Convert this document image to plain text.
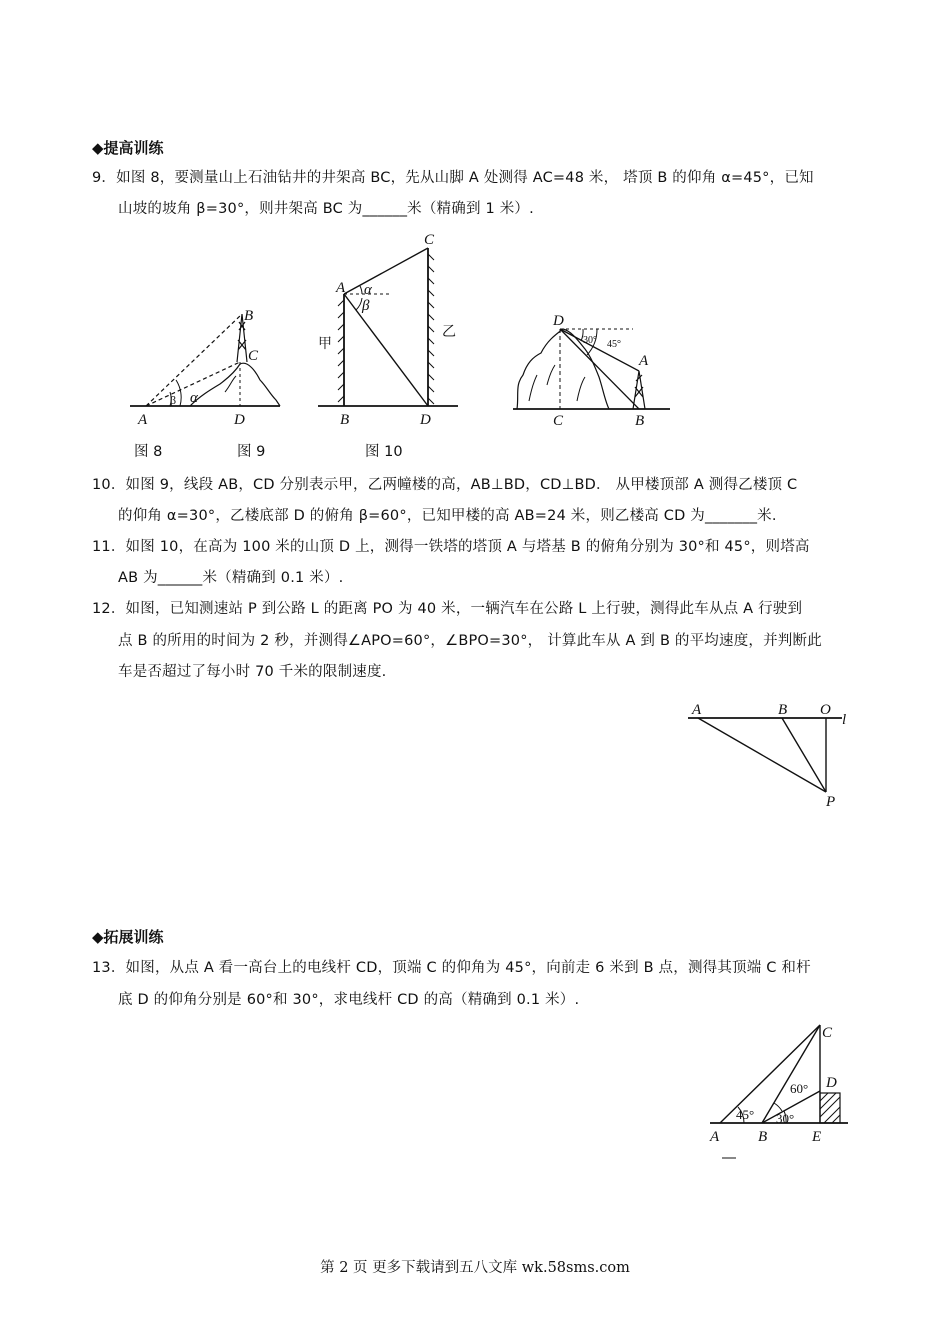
◆提高训练
9．如图 8，要测量山上石油钻井的井架高 BC，先从山脚 A 处测得 AC=48 米， 塔顶 B 的仰角 α=45°，已知
山坡的坡角 β=30°，则井架高 BC 为______米（精确到 1 米）.
B
C
A	D
α
β
C
A α
β
甲
乙
B	D
D
A
C	B
30° 45°
图 8	图 9	图 10
10．如图 9，线段 AB，CD 分别表示甲，乙两幢楼的高，AB⊥BD，CD⊥BD． 从甲楼顶部 A 测得乙楼顶 C
的仰角 α=30°，乙楼底部 D 的俯角 β=60°，已知甲楼的高 AB=24 米，则乙楼高 CD 为_______米.
11．如图 10，在高为 100 米的山顶 D 上，测得一铁塔的塔顶 A 与塔基 B 的俯角分别为 30°和 45°，则塔高
AB 为______米（精确到 0.1 米）.
12．如图，已知测速站 P 到公路 L 的距离 PO 为 40 米，一辆汽车在公路 L 上行驶，测得此车从点 A 行驶到
点 B 的所用的时间为 2 秒，并测得∠APO=60°，∠BPO=30°， 计算此车从 A 到 B 的平均速度，并判断此
车是否超过了每小时 70 千米的限制速度.
A	B O
l
P
◆拓展训练
13．如图，从点 A 看一高台上的电线杆 CD，顶端 C 的仰角为 45°，向前走 6 米到 B 点，测得其顶端 C 和杆
底 D 的仰角分别是 60°和 30°，求电线杆 CD 的高（精确到 0.1 米）.
C
D
A	B	E
45°
60°
30°
第 2 页 更多下载请到五八文库 wk.58sms.com
